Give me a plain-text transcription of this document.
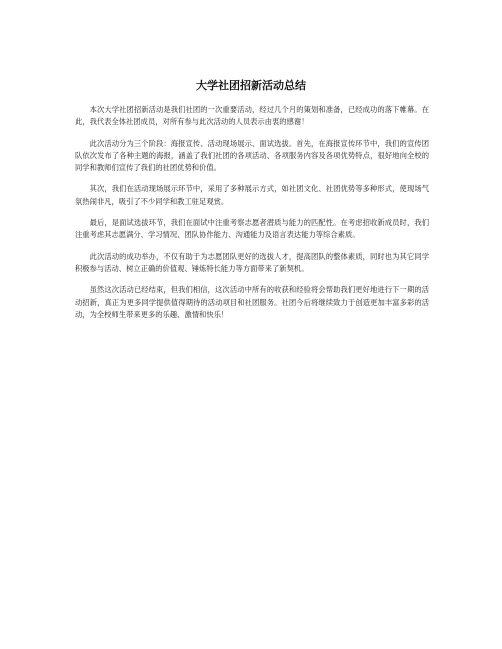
大学社团招新活动总结

本次大学社团招新活动是我们社团的一次重要活动，经过几个月的策划和准备，已经成功的落下帷幕。在此，我代表全体社团成员，对所有参与此次活动的人员表示由衷的感谢！

此次活动分为三个阶段：海报宣传、活动现场展示、面试选拔。首先，在海报宣传环节中，我们的宣传团队依次发布了各种主题的海报，涵盖了我们社团的各项活动、各项服务内容及各项优势特点，很好地向全校的同学和教师们宣传了我们的社团优势和价值。

其次，我们在活动现场展示环节中，采用了多种展示方式，如社团文化、社团优势等多种形式，使现场气氛热闹非凡，吸引了不少同学和教工驻足观赏。

最后，是面试选拔环节，我们在面试中注重考察志愿者潜质与能力的匹配性。在考虑招收新成员时，我们注重考虑其志愿满分、学习情况、团队协作能力、沟通能力及语言表达能力等综合素质。

此次活动的成功举办，不仅有助于为志愿团队更好的选拔人才，提高团队的整体素质，同时也为其它同学积极参与活动、树立正确的价值观、锤炼特长能力等方面带来了新契机。

虽然这次活动已经结束，但我们相信，这次活动中所有的收获和经验将会帮助我们更好地进行下一期的活动招新，真正为更多同学提供值得期待的活动项目和社团服务。社团今后将继续致力于创造更加丰富多彩的活动，为全校师生带来更多的乐趣、激情和快乐！
